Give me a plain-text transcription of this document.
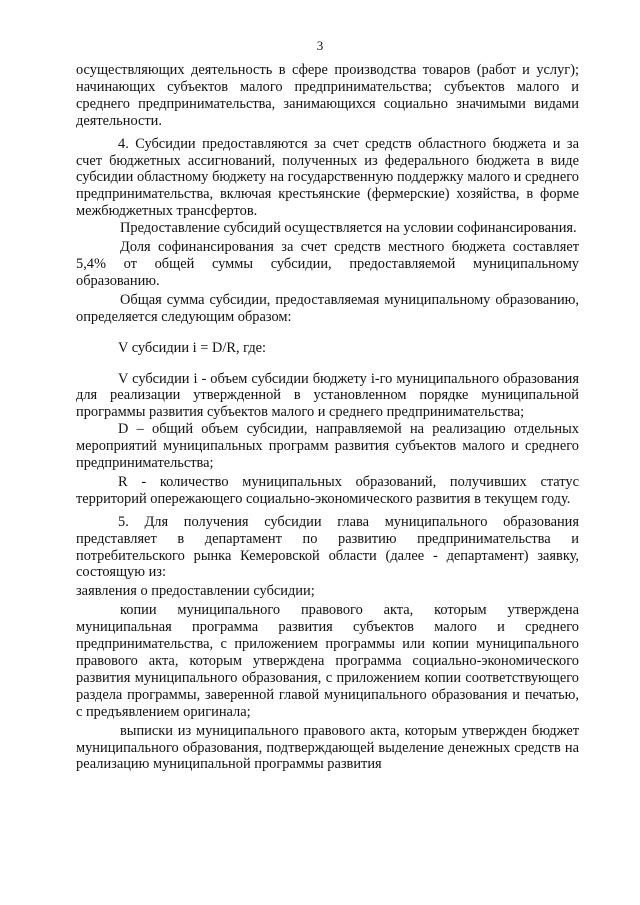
3

осуществляющих деятельность в сфере производства товаров (работ и услуг); начинающих субъектов малого предпринимательства; субъектов малого и среднего предпринимательства, занимающихся социально значимыми видами деятельности.

4. Субсидии предоставляются за счет средств областного бюджета и за счет бюджетных ассигнований, полученных из федерального бюджета в виде субсидии областному бюджету на государственную поддержку малого и среднего предпринимательства, включая крестьянские (фермерские) хозяйства, в форме межбюджетных трансфертов.

Предоставление субсидий осуществляется на условии софинансирования.

Доля софинансирования за счет средств местного бюджета составляет 5,4% от общей суммы субсидии, предоставляемой муниципальному образованию.

Общая сумма субсидии, предоставляемая муниципальному образованию, определяется следующим образом:

V субсидии i = D/R, где:

V субсидии i - объем субсидии бюджету i-го муниципального образования для реализации утвержденной в установленном порядке муниципальной программы развития субъектов малого и среднего предпринимательства;

D – общий объем субсидии, направляемой на реализацию отдельных мероприятий муниципальных программ развития субъектов малого и среднего предпринимательства;

R - количество муниципальных образований, получивших статус территорий опережающего социально-экономического развития в текущем году.

5. Для получения субсидии глава муниципального образования представляет в департамент по развитию предпринимательства и потребительского рынка Кемеровской области (далее - департамент) заявку, состоящую из:

заявления о предоставлении субсидии;

копии муниципального правового акта, которым утверждена муниципальная программа развития субъектов малого и среднего предпринимательства, с приложением программы или копии муниципального правового акта, которым утверждена программа социально-экономического развития муниципального образования, с приложением копии соответствующего раздела программы, заверенной главой муниципального образования и печатью, с предъявлением оригинала;

выписки из муниципального правового акта, которым утвержден бюджет муниципального образования, подтверждающей выделение денежных средств на реализацию муниципальной программы развития
